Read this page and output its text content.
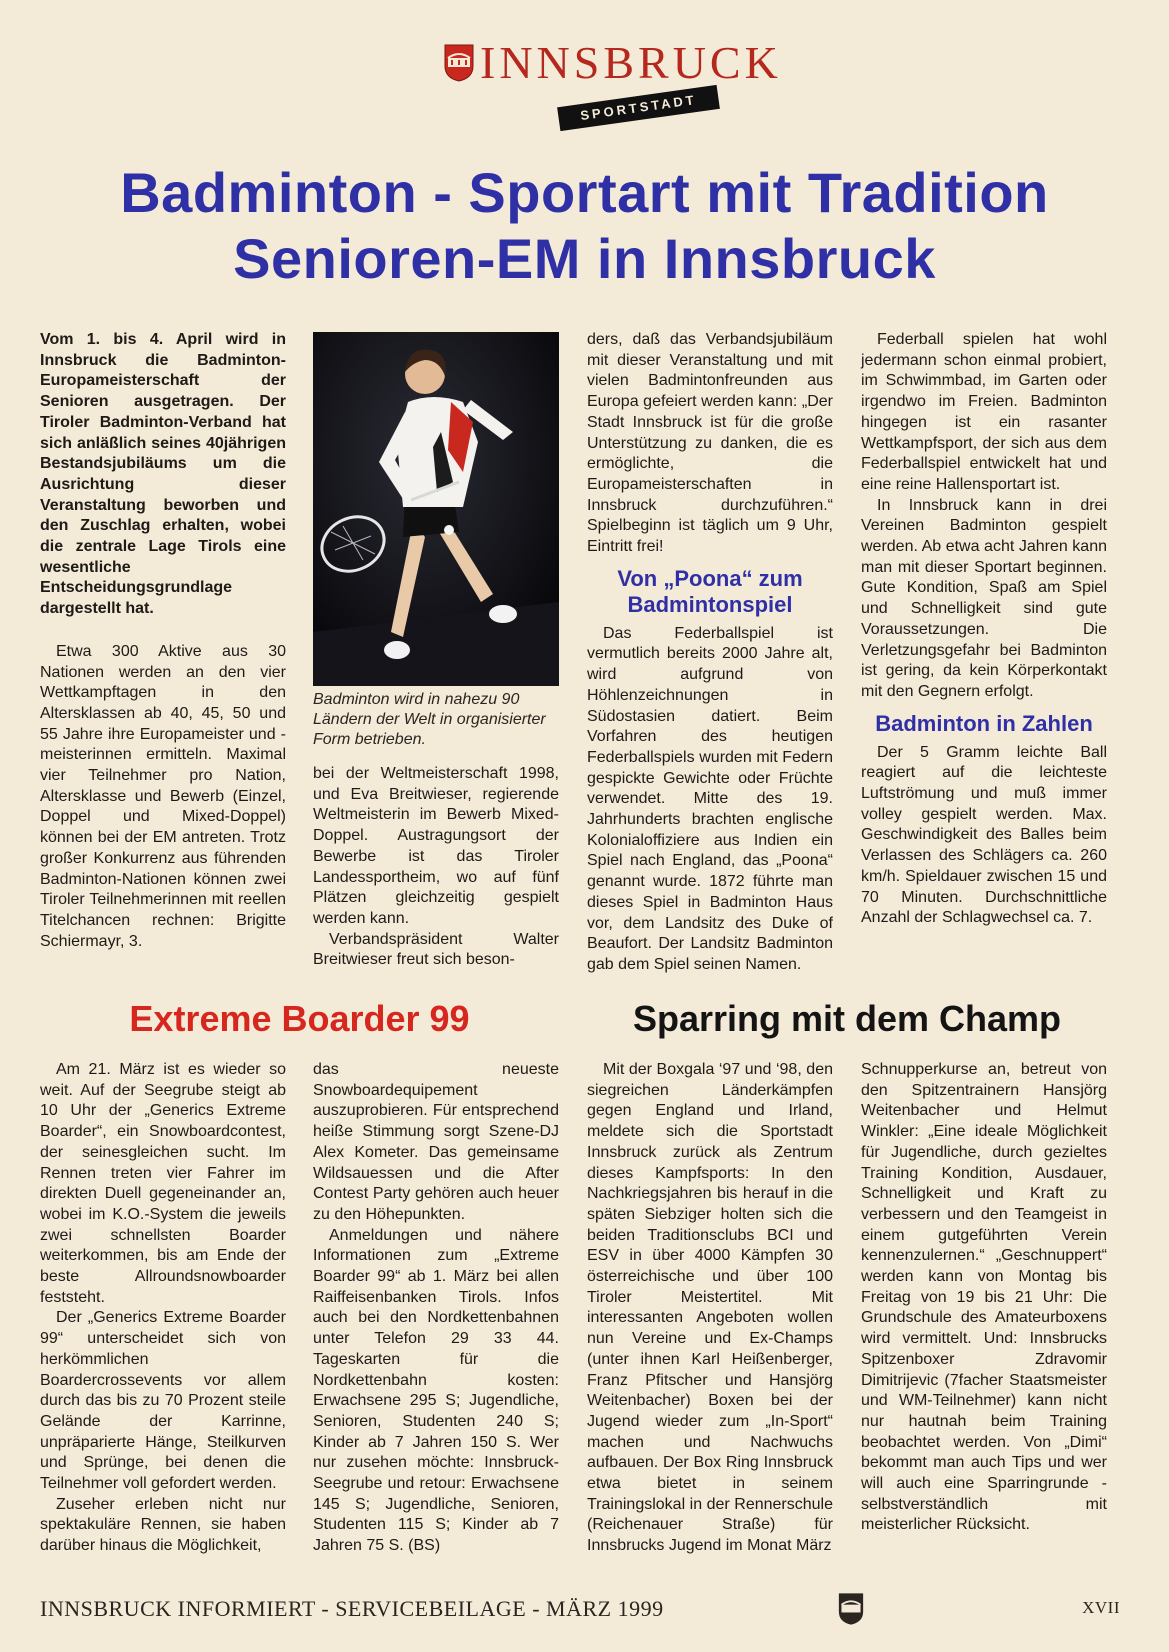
INNSBRUCK
SPORTSTADT
Badminton - Sportart mit Tradition
Senioren-EM in Innsbruck

Vom 1. bis 4. April wird in Innsbruck die Badminton-Europameisterschaft der Senioren ausgetragen. Der Tiroler Badminton-Verband hat sich anläßlich seines 40jährigen Bestandsjubiläums um die Ausrichtung dieser Veranstaltung beworben und den Zuschlag erhalten, wobei die zentrale Lage Tirols eine wesentliche Entscheidungsgrundlage dargestellt hat.

Etwa 300 Aktive aus 30 Nationen werden an den vier Wettkampftagen in den Altersklassen ab 40, 45, 50 und 55 Jahre ihre Europameister und -meisterinnen ermitteln. Maximal vier Teilnehmer pro Nation, Altersklasse und Bewerb (Einzel, Doppel und Mixed-Doppel) können bei der EM antreten. Trotz großer Konkurrenz aus führenden Badminton-Nationen können zwei Tiroler Teilnehmerinnen mit reellen Titelchancen rechnen: Brigitte Schiermayr, 3.

Badminton wird in nahezu 90 Ländern der Welt in organisierter Form betrieben.

bei der Weltmeisterschaft 1998, und Eva Breitwieser, regierende Weltmeisterin im Bewerb Mixed-Doppel. Austragungsort der Bewerbe ist das Tiroler Landessportheim, wo auf fünf Plätzen gleichzeitig gespielt werden kann.

Verbandspräsident Walter Breitwieser freut sich beson-

ders, daß das Verbandsjubiläum mit dieser Veranstaltung und mit vielen Badmintonfreunden aus Europa gefeiert werden kann: „Der Stadt Innsbruck ist für die große Unterstützung zu danken, die es ermöglichte, die Europameisterschaften in Innsbruck durchzuführen.“ Spielbeginn ist täglich um 9 Uhr, Eintritt frei!

Von „Poona“ zum Badmintonspiel

Das Federballspiel ist vermutlich bereits 2000 Jahre alt, wird aufgrund von Höhlenzeichnungen in Südostasien datiert. Beim Vorfahren des heutigen Federballspiels wurden mit Federn gespickte Gewichte oder Früchte verwendet. Mitte des 19. Jahrhunderts brachten englische Kolonialoffiziere aus Indien ein Spiel nach England, das „Poona“ genannt wurde. 1872 führte man dieses Spiel in Badminton Haus vor, dem Landsitz des Duke of Beaufort. Der Landsitz Badminton gab dem Spiel seinen Namen.

Federball spielen hat wohl jedermann schon einmal probiert, im Schwimmbad, im Garten oder irgendwo im Freien. Badminton hingegen ist ein rasanter Wettkampfsport, der sich aus dem Federballspiel entwickelt hat und eine reine Hallensportart ist.

In Innsbruck kann in drei Vereinen Badminton gespielt werden. Ab etwa acht Jahren kann man mit dieser Sportart beginnen. Gute Kondition, Spaß am Spiel und Schnelligkeit sind gute Voraussetzungen. Die Verletzungsgefahr bei Badminton ist gering, da kein Körperkontakt mit den Gegnern erfolgt.

Badminton in Zahlen

Der 5 Gramm leichte Ball reagiert auf die leichteste Luftströmung und muß immer volley gespielt werden. Max. Geschwindigkeit des Balles beim Verlassen des Schlägers ca. 260 km/h. Spieldauer zwischen 15 und 70 Minuten. Durchschnittliche Anzahl der Schlagwechsel ca. 7.

Extreme Boarder 99

Am 21. März ist es wieder so weit. Auf der Seegrube steigt ab 10 Uhr der „Generics Extreme Boarder“, ein Snowboardcontest, der seinesgleichen sucht. Im Rennen treten vier Fahrer im direkten Duell gegeneinander an, wobei im K.O.-System die jeweils zwei schnellsten Boarder weiterkommen, bis am Ende der beste Allroundsnowboarder feststeht.

Der „Generics Extreme Boarder 99“ unterscheidet sich von herkömmlichen Boardercrossevents vor allem durch das bis zu 70 Prozent steile Gelände der Karrinne, unpräparierte Hänge, Steilkurven und Sprünge, bei denen die Teilnehmer voll gefordert werden.

Zuseher erleben nicht nur spektakuläre Rennen, sie haben darüber hinaus die Möglichkeit,

das neueste Snowboardequipement auszuprobieren. Für entsprechend heiße Stimmung sorgt Szene-DJ Alex Kometer. Das gemeinsame Wildsauessen und die After Contest Party gehören auch heuer zu den Höhepunkten.

Anmeldungen und nähere Informationen zum „Extreme Boarder 99“ ab 1. März bei allen Raiffeisenbanken Tirols. Infos auch bei den Nordkettenbahnen unter Telefon 29 33 44. Tageskarten für die Nordkettenbahn kosten: Erwachsene 295 S; Jugendliche, Senioren, Studenten 240 S; Kinder ab 7 Jahren 150 S. Wer nur zusehen möchte: Innsbruck-Seegrube und retour: Erwachsene 145 S; Jugendliche, Senioren, Studenten 115 S; Kinder ab 7 Jahren 75 S. (BS)

Sparring mit dem Champ

Mit der Boxgala ‘97 und ‘98, den siegreichen Länderkämpfen gegen England und Irland, meldete sich die Sportstadt Innsbruck zurück als Zentrum dieses Kampfsports: In den Nachkriegsjahren bis herauf in die späten Siebziger holten sich die beiden Traditionsclubs BCI und ESV in über 4000 Kämpfen 30 österreichische und über 100 Tiroler Meistertitel. Mit interessanten Angeboten wollen nun Vereine und Ex-Champs (unter ihnen Karl Heißenberger, Franz Pfitscher und Hansjörg Weitenbacher) Boxen bei der Jugend wieder zum „In-Sport“ machen und Nachwuchs aufbauen. Der Box Ring Innsbruck etwa bietet in seinem Trainingslokal in der Rennerschule (Reichenauer Straße) für Innsbrucks Jugend im Monat März

Schnupperkurse an, betreut von den Spitzentrainern Hansjörg Weitenbacher und Helmut Winkler: „Eine ideale Möglichkeit für Jugendliche, durch gezieltes Training Kondition, Ausdauer, Schnelligkeit und Kraft zu verbessern und den Teamgeist in einem gutgeführten Verein kennenzulernen.“ „Geschnuppert“ werden kann von Montag bis Freitag von 19 bis 21 Uhr: Die Grundschule des Amateurboxens wird vermittelt. Und: Innsbrucks Spitzenboxer Zdravomir Dimitrijevic (7facher Staatsmeister und WM-Teilnehmer) kann nicht nur hautnah beim Training beobachtet werden. Von „Dimi“ bekommt man auch Tips und wer will auch eine Sparringrunde - selbstverständlich mit meisterlicher Rücksicht.

INNSBRUCK INFORMIERT - SERVICEBEILAGE - MÄRZ 1999	XVII
